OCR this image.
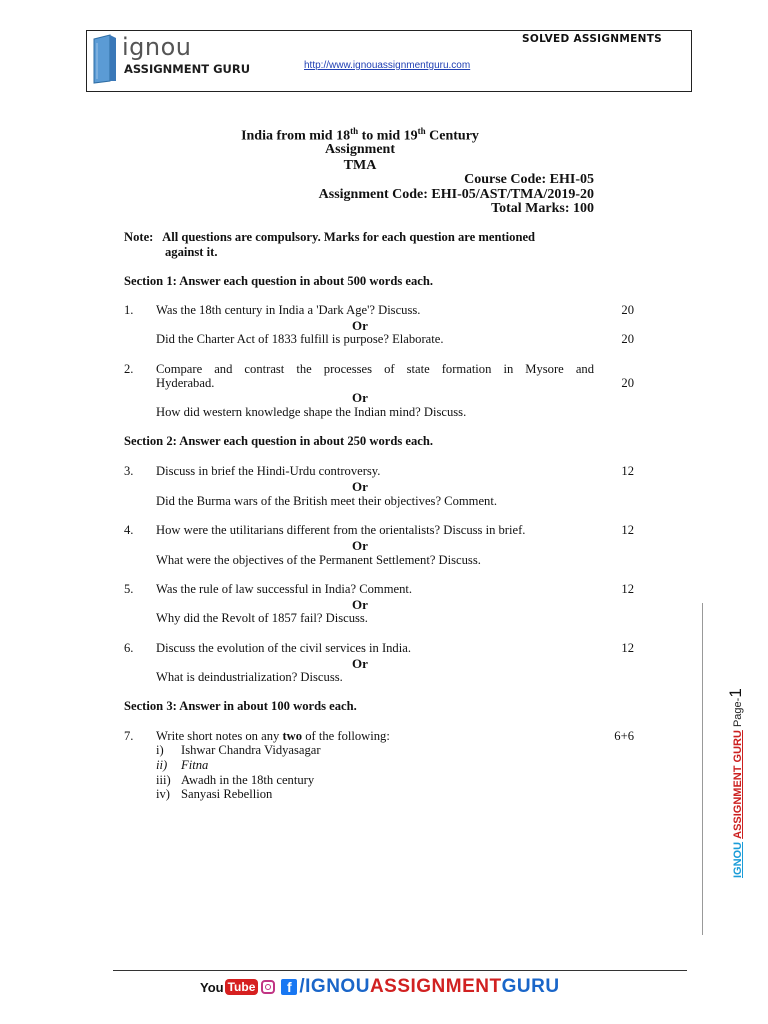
ignou
ASSIGNMENT GURU
SOLVED ASSIGNMENTS
http://www.ignouassignmentguru.com
India from mid 18th to mid 19th Century
Assignment
TMA
Course Code: EHI-05
Assignment Code: EHI-05/AST/TMA/2019-20
Total Marks: 100
Note:   All questions are compulsory. Marks for each question are mentioned
against it.
Section 1: Answer each question in about 500 words each.
1. Was the 18th century in India a 'Dark Age'? Discuss.	20
Or
Did the Charter Act of 1833 fulfill is purpose? Elaborate.	20
2. Compare and contrast the processes of state formation in Mysore and
Hyderabad.	20
Or
How did western knowledge shape the Indian mind? Discuss.
Section 2: Answer each question in about 250 words each.
3. Discuss in brief the Hindi-Urdu controversy.	12
Or
Did the Burma wars of the British meet their objectives? Comment.
4. How were the utilitarians different from the orientalists? Discuss in brief.	12
Or
What were the objectives of the Permanent Settlement? Discuss.
5. Was the rule of law successful in India? Comment.	12
Or
Why did the Revolt of 1857 fail? Discuss.
6. Discuss the evolution of the civil services in India.	12
Or
What is deindustrialization? Discuss.
Section 3: Answer in about 100 words each.
7. Write short notes on any two of the following:	6+6
i)	Ishwar Chandra Vidyasagar
ii)	Fitna
iii) Awadh in the 18th century
iv) Sanyasi Rebellion
IGNOU ASSIGNMENT GURU Page-1
You Tube	f /IGNOUASSIGNMENTGURU
